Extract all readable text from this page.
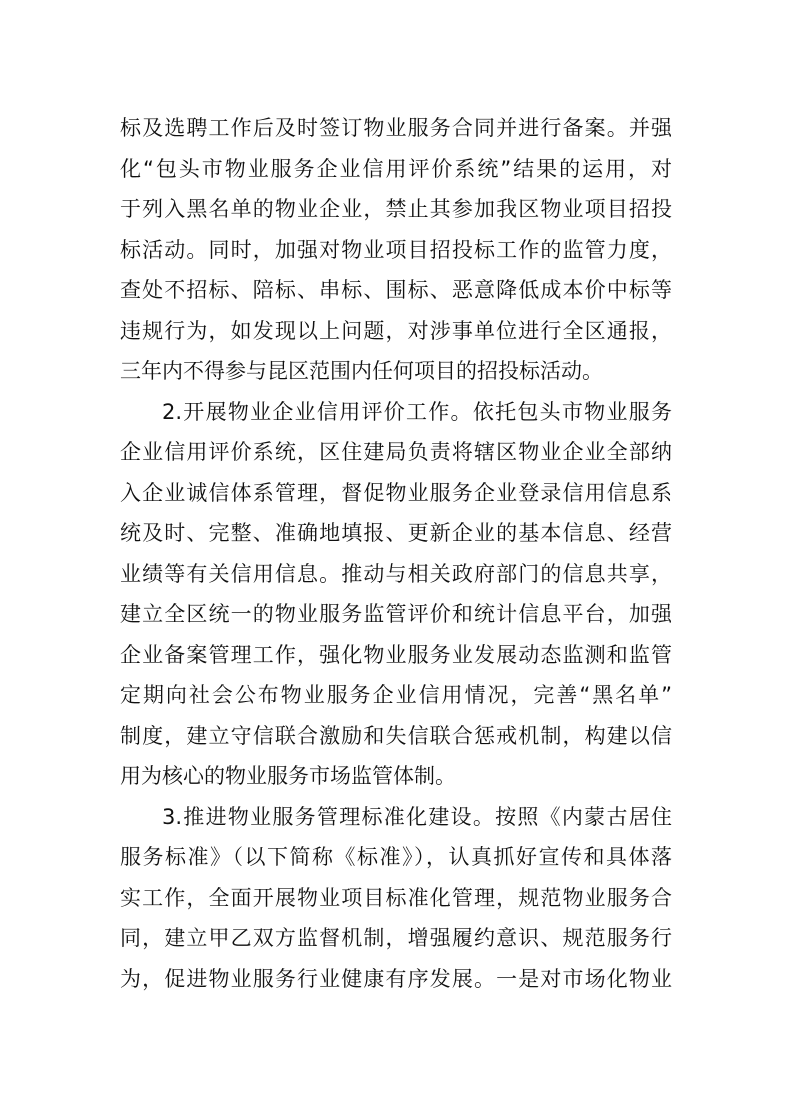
标及选聘工作后及时签订物业服务合同并进行备案。并强
化“包头市物业服务企业信用评价系统”结果的运用，对
于列入黑名单的物业企业，禁止其参加我区物业项目招投
标活动。同时，加强对物业项目招投标工作的监管力度，
查处不招标、陪标、串标、围标、恶意降低成本价中标等
违规行为，如发现以上问题，对涉事单位进行全区通报，
三年内不得参与昆区范围内任何项目的招投标活动。
2.开展物业企业信用评价工作。依托包头市物业服务
企业信用评价系统，区住建局负责将辖区物业企业全部纳
入企业诚信体系管理，督促物业服务企业登录信用信息系
统及时、完整、准确地填报、更新企业的基本信息、经营
业绩等有关信用信息。推动与相关政府部门的信息共享，
建立全区统一的物业服务监管评价和统计信息平台，加强
企业备案管理工作，强化物业服务业发展动态监测和监管
定期向社会公布物业服务企业信用情况，完善“黑名单”
制度，建立守信联合激励和失信联合惩戒机制，构建以信
用为核心的物业服务市场监管体制。
3.推进物业服务管理标准化建设。按照《内蒙古居住
服务标准》（以下简称《标准》），认真抓好宣传和具体落
实工作，全面开展物业项目标准化管理，规范物业服务合
同，建立甲乙双方监督机制，增强履约意识、规范服务行
为，促进物业服务行业健康有序发展。一是对市场化物业
